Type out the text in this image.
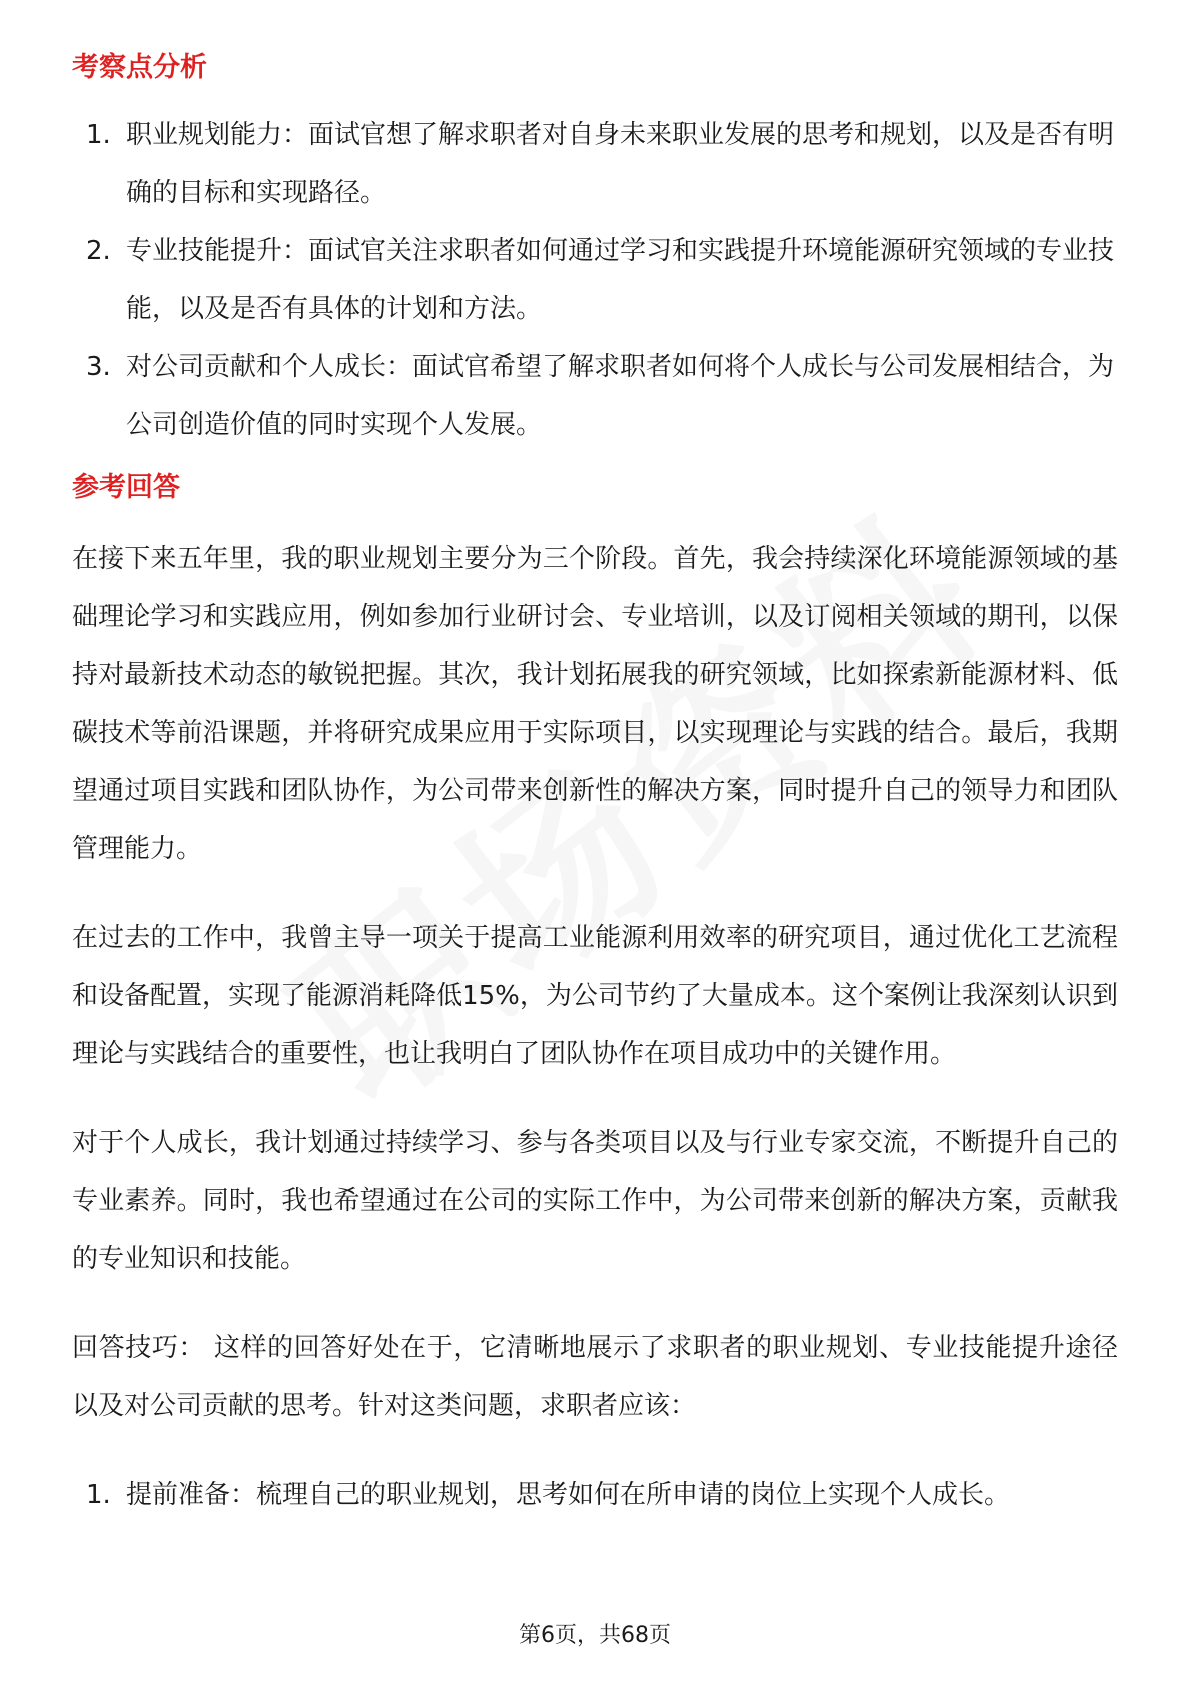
考察点分析
1. 职业规划能力：面试官想了解求职者对自身未来职业发展的思考和规划，以及是否有明确的目标和实现路径。
2. 专业技能提升：面试官关注求职者如何通过学习和实践提升环境能源研究领域的专业技能，以及是否有具体的计划和方法。
3. 对公司贡献和个人成长：面试官希望了解求职者如何将个人成长与公司发展相结合，为公司创造价值的同时实现个人发展。
参考回答

在接下来五年里，我的职业规划主要分为三个阶段。首先，我会持续深化环境能源领域的基础理论学习和实践应用，例如参加行业研讨会、专业培训，以及订阅相关领域的期刊，以保持对最新技术动态的敏锐把握。其次，我计划拓展我的研究领域，比如探索新能源材料、低碳技术等前沿课题，并将研究成果应用于实际项目，以实现理论与实践的结合。最后，我期望通过项目实践和团队协作，为公司带来创新性的解决方案，同时提升自己的领导力和团队管理能力。

在过去的工作中，我曾主导一项关于提高工业能源利用效率的研究项目，通过优化工艺流程和设备配置，实现了能源消耗降低15%，为公司节约了大量成本。这个案例让我深刻认识到理论与实践结合的重要性，也让我明白了团队协作在项目成功中的关键作用。

对于个人成长，我计划通过持续学习、参与各类项目以及与行业专家交流，不断提升自己的专业素养。同时，我也希望通过在公司的实际工作中，为公司带来创新的解决方案，贡献我的专业知识和技能。

回答技巧： 这样的回答好处在于，它清晰地展示了求职者的职业规划、专业技能提升途径以及对公司贡献的思考。针对这类问题，求职者应该：

1. 提前准备：梳理自己的职业规划，思考如何在所申请的岗位上实现个人成长。
第6页，共68页
